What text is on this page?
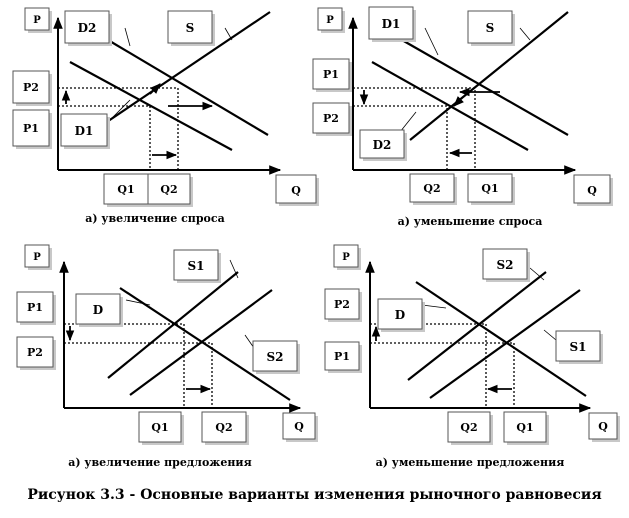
D2	S
D1
P
P2
P1
Q1 Q2	Q
а) увеличение спроса
D1	S
D2
P
P1
P2
Q2	Q1	Q
а) уменьшение спроса
S1
D
S2
P
P1
P2
Q1	Q2	Q
а) увеличение предложения
S2
D
S1
P
P2
P1
Q2	Q1	Q
а) уменьшение предложения
Рисунок 3.3 - Основные варианты изменения рыночного равновесия
